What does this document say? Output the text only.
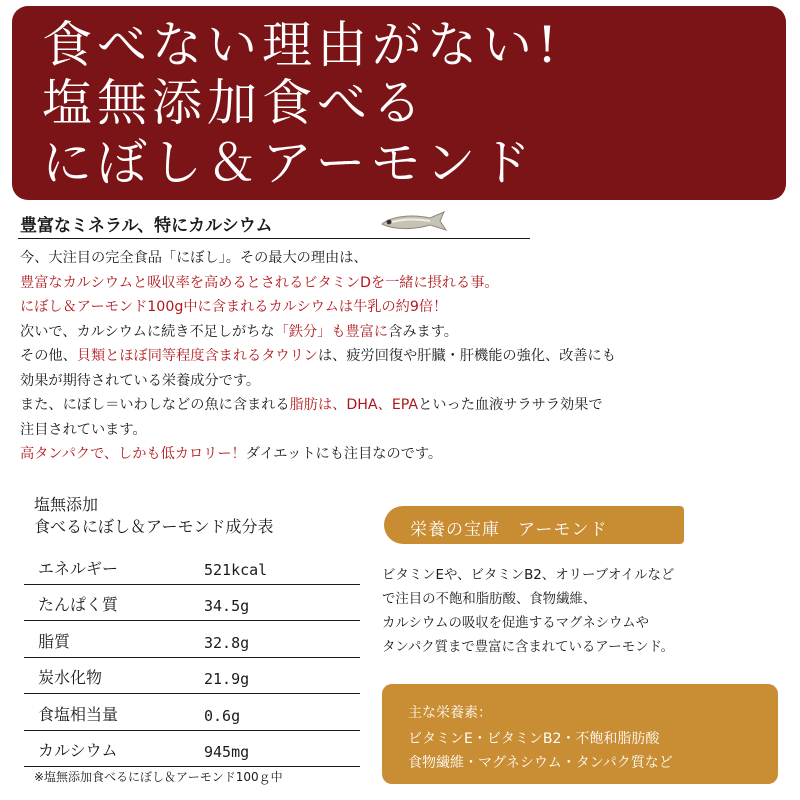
食べない理由がない!
塩無添加食べる
にぼし＆アーモンド
豊富なミネラル、特にカルシウム
今、大注目の完全食品「にぼし」。その最大の理由は、
豊富なカルシウムと吸収率を高めるとされるビタミンDを一緒に摂れる事。
にぼし＆アーモンド100g中に含まれるカルシウムは牛乳の約9倍！
次いで、カルシウムに続き不足しがちな「鉄分」も豊富に含みます。
その他、貝類とほぼ同等程度含まれるタウリンは、疲労回復や肝臓・肝機能の強化、改善にも
効果が期待されている栄養成分です。
また、にぼし＝いわしなどの魚に含まれる脂肪は、DHA、EPAといった血液サラサラ効果で
注目されています。
高タンパクで、しかも低カロリー！ダイエットにも注目なのです。
塩無添加
食べるにぼし＆アーモンド成分表
エネルギー	521kcal
たんぱく質	34.5g
脂質	32.8g
炭水化物	21.9g
食塩相当量	0.6g
カルシウム	945mg
※塩無添加食べるにぼし＆アーモンド100ｇ中
栄養の宝庫　アーモンド
ビタミンEや、ビタミンB2、オリーブオイルなど
で注目の不飽和脂肪酸、食物繊維、
カルシウムの吸収を促進するマグネシウムや
タンパク質まで豊富に含まれているアーモンド。
主な栄養素：
ビタミンE・ビタミンB2・不飽和脂肪酸
食物繊維・マグネシウム・タンパク質など
